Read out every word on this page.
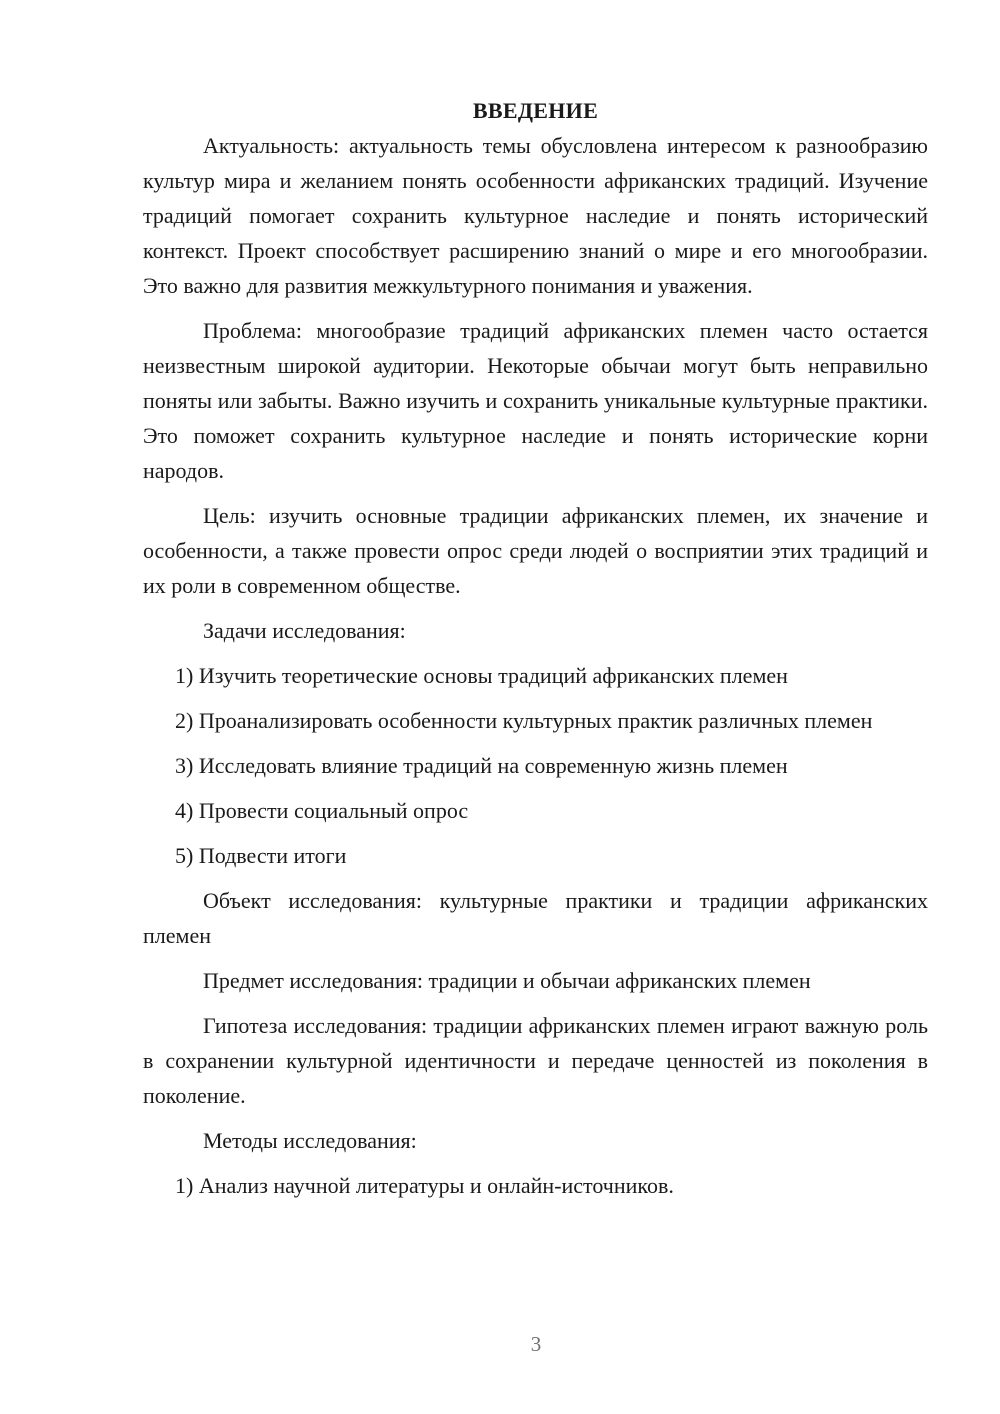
ВВЕДЕНИЕ

Актуальность: актуальность темы обусловлена интересом к разнообразию культур мира и желанием понять особенности африканских традиций. Изучение традиций помогает сохранить культурное наследие и понять исторический контекст. Проект способствует расширению знаний о мире и его многообразии. Это важно для развития межкультурного понимания и уважения.

Проблема: многообразие традиций африканских племен часто остается неизвестным широкой аудитории. Некоторые обычаи могут быть неправильно поняты или забыты. Важно изучить и сохранить уникальные культурные практики. Это поможет сохранить культурное наследие и понять исторические корни народов.

Цель: изучить основные традиции африканских племен, их значение и особенности, а также провести опрос среди людей о восприятии этих традиций и их роли в современном обществе.

Задачи исследования:

1) Изучить теоретические основы традиций африканских племен

2) Проанализировать особенности культурных практик различных племен

3) Исследовать влияние традиций на современную жизнь племен

4) Провести социальный опрос

5) Подвести итоги

Объект исследования: культурные практики и традиции африканских племен

Предмет исследования: традиции и обычаи африканских племен

Гипотеза исследования: традиции африканских племен играют важную роль в сохранении культурной идентичности и передаче ценностей из поколения в поколение.

Методы исследования:

1) Анализ научной литературы и онлайн-источников.

3
